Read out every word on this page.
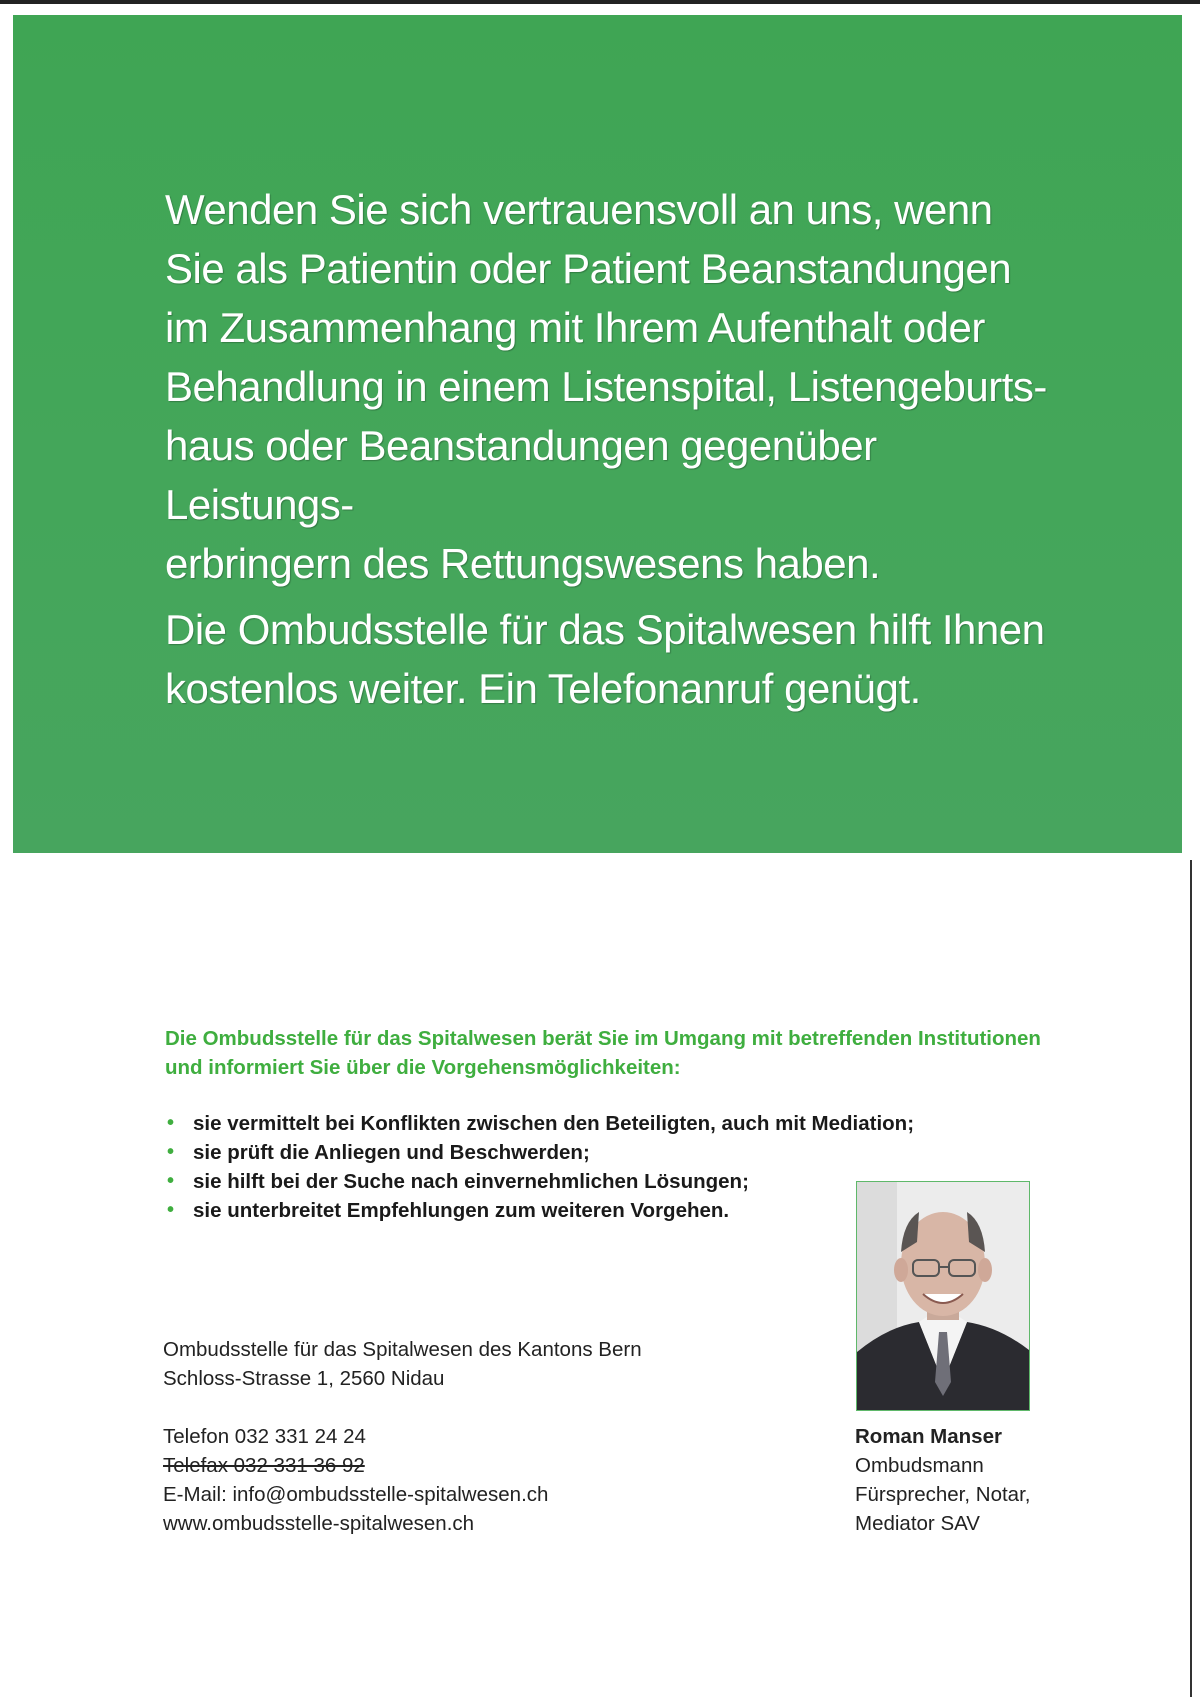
Wenden Sie sich vertrauensvoll an uns, wenn
Sie als Patientin oder Patient Beanstandungen
im Zusammenhang mit Ihrem Aufenthalt oder
Behandlung in einem Listenspital, Listengeburts-
haus oder Beanstandungen gegenüber Leistungs-
erbringern des Rettungswesens haben.

Die Ombudsstelle für das Spitalwesen hilft Ihnen
kostenlos weiter. Ein Telefonanruf genügt.

Die Ombudsstelle für das Spitalwesen berät Sie im Umgang mit betreffenden Institutionen
und informiert Sie über die Vorgehensmöglichkeiten:

• sie vermittelt bei Konflikten zwischen den Beteiligten, auch mit Mediation;
• sie prüft die Anliegen und Beschwerden;
• sie hilft bei der Suche nach einvernehmlichen Lösungen;
• sie unterbreitet Empfehlungen zum weiteren Vorgehen.
Ombudsstelle für das Spitalwesen des Kantons Bern
Schloss-Strasse 1, 2560 Nidau
Telefon 032 331 24 24
Telefax 032 331 36 92
E-Mail: info@ombudsstelle-spitalwesen.ch
www.ombudsstelle-spitalwesen.ch
Roman Manser
Ombudsmann
Fürsprecher, Notar,
Mediator SAV
